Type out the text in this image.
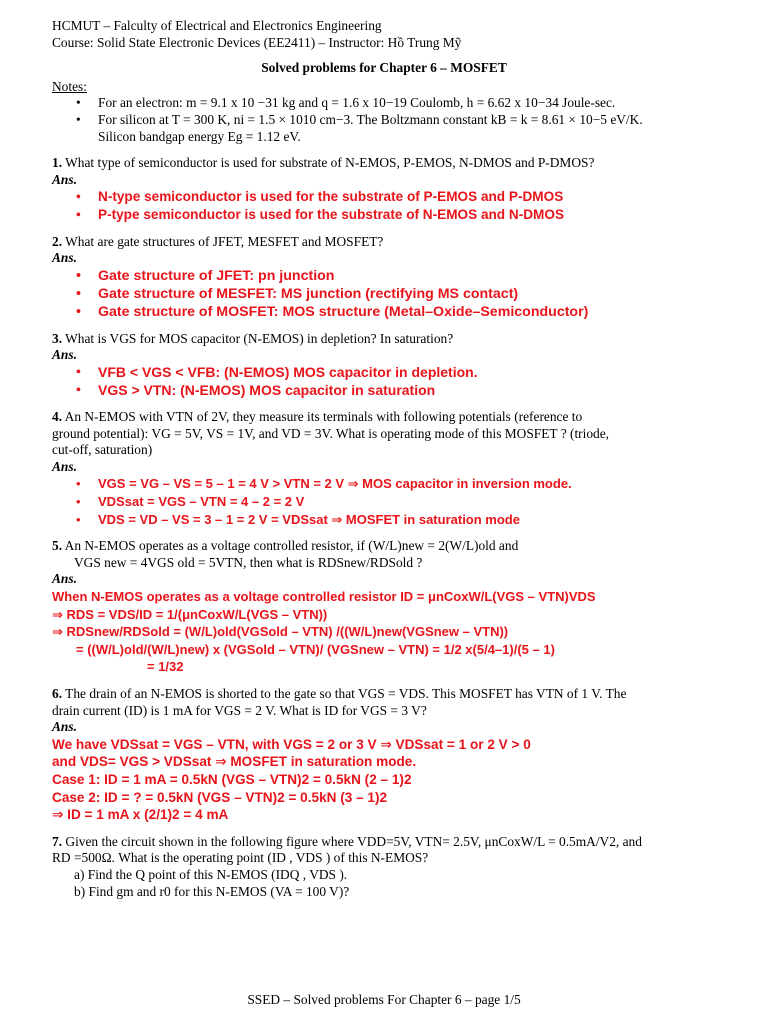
HCMUT – Falculty of Electrical and Electronics Engineering

Course: Solid State Electronic Devices (EE2411) – Instructor: Hồ Trung Mỹ

Solved problems for Chapter 6 – MOSFET

Notes:

• For an electron: m = 9.1 x 10 −31 kg and q = 1.6 x 10−19 Coulomb, h = 6.62 x 10−34 Joule-sec.
• For silicon at T = 300 K, ni = 1.5 × 1010 cm−3. The Boltzmann constant kB = k = 8.61 × 10−5 eV/K.
Silicon bandgap energy Eg = 1.12 eV.

1. What type of semiconductor is used for substrate of N-EMOS, P-EMOS, N-DMOS and P-DMOS?

Ans.

• N-type semiconductor is used for the substrate of P-EMOS and P-DMOS
• P-type semiconductor is used for the substrate of N-EMOS and N-DMOS

2. What are gate structures of JFET, MESFET and MOSFET?

Ans.

• Gate structure of JFET: pn junction
• Gate structure of MESFET: MS junction (rectifying MS contact)
• Gate structure of MOSFET: MOS structure (Metal–Oxide–Semiconductor)

3. What is VGS for MOS capacitor (N-EMOS) in depletion? In saturation?

Ans.

• VFB < VGS < VFB: (N-EMOS) MOS capacitor in depletion.
• VGS > VTN: (N-EMOS) MOS capacitor in saturation

4. An N-EMOS with VTN of 2V, they measure its terminals with following potentials (reference to

ground potential): VG = 5V, VS = 1V, and VD = 3V. What is operating mode of this MOSFET ? (triode,

cut-off, saturation)

Ans.

• VGS = VG – VS = 5 – 1 = 4 V > VTN = 2 V ⇒ MOS capacitor in inversion mode.
• VDSsat = VGS – VTN = 4 – 2 = 2 V
• VDS = VD – VS = 3 – 1 = 2 V = VDSsat ⇒ MOSFET in saturation mode

5. An N-EMOS operates as a voltage controlled resistor, if (W/L)new = 2(W/L)old and

VGS new = 4VGS old = 5VTN, then what is RDSnew/RDSold ?

Ans.

When N-EMOS operates as a voltage controlled resistor ID = μnCoxW/L(VGS – VTN)VDS

⇒ RDS = VDS/ID = 1/(μnCoxW/L(VGS – VTN))

⇒ RDSnew/RDSold = (W/L)old(VGSold – VTN) /((W/L)new(VGSnew – VTN))

= ((W/L)old/(W/L)new) x (VGSold – VTN)/ (VGSnew – VTN) = 1/2 x(5/4–1)/(5 – 1)

= 1/32

6. The drain of an N-EMOS is shorted to the gate so that VGS = VDS. This MOSFET has VTN of 1 V. The

drain current (ID) is 1 mA for VGS = 2 V. What is ID for VGS = 3 V?

Ans.

We have VDSsat = VGS – VTN, with VGS = 2 or 3 V ⇒ VDSsat = 1 or 2 V > 0

and VDS= VGS > VDSsat ⇒ MOSFET in saturation mode.

Case 1: ID = 1 mA = 0.5kN (VGS – VTN)2 = 0.5kN (2 – 1)2

Case 2: ID = ? = 0.5kN (VGS – VTN)2 = 0.5kN (3 – 1)2

⇒ ID = 1 mA x (2/1)2 = 4 mA

7. Given the circuit shown in the following figure where VDD=5V, VTN= 2.5V, μnCoxW/L = 0.5mA/V2, and

RD =500Ω. What is the operating point (ID , VDS ) of this N-EMOS?

a) Find the Q point of this N-EMOS (IDQ , VDS ).

b) Find gm and r0 for this N-EMOS (VA = 100 V)?

SSED – Solved problems For Chapter 6 – page 1/5
